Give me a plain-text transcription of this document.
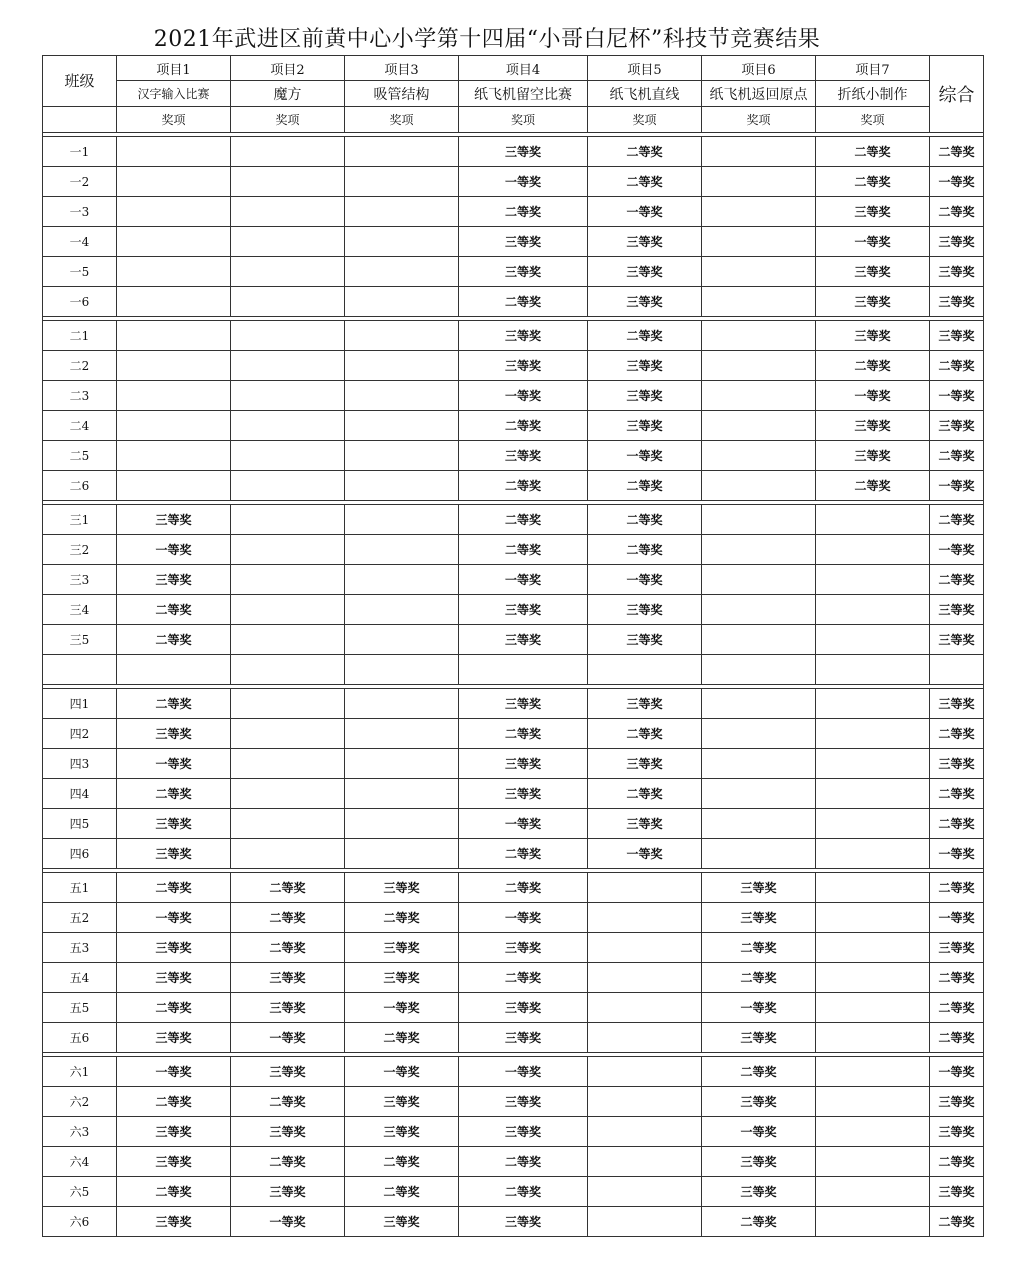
2021年武进区前黄中心小学第十四届“小哥白尼杯”科技节竞赛结果
班级	项目1	项目2	项目3	项目4	项目5	项目6	项目7	综合
	汉字输入比赛	魔方	吸管结构	纸飞机留空比赛	纸飞机直线	纸飞机返回原点	折纸小制作	
	奖项	奖项	奖项	奖项	奖项	奖项	奖项	

一1				三等奖	二等奖		二等奖	二等奖
一2				一等奖	二等奖		二等奖	一等奖
一3				二等奖	一等奖		三等奖	二等奖
一4				三等奖	三等奖		一等奖	三等奖
一5				三等奖	三等奖		三等奖	三等奖
一6				二等奖	三等奖		三等奖	三等奖

二1				三等奖	二等奖		三等奖	三等奖
二2				三等奖	三等奖		二等奖	二等奖
二3				一等奖	三等奖		一等奖	一等奖
二4				二等奖	三等奖		三等奖	三等奖
二5				三等奖	一等奖		三等奖	二等奖
二6				二等奖	二等奖		二等奖	一等奖

三1	三等奖			二等奖	二等奖			二等奖
三2	一等奖			二等奖	二等奖			一等奖
三3	三等奖			一等奖	一等奖			二等奖
三4	二等奖			三等奖	三等奖			三等奖
三5	二等奖			三等奖	三等奖			三等奖

四1	二等奖			三等奖	三等奖			三等奖
四2	三等奖			二等奖	二等奖			二等奖
四3	一等奖			三等奖	三等奖			三等奖
四4	二等奖			三等奖	二等奖			二等奖
四5	三等奖			一等奖	三等奖			二等奖
四6	三等奖			二等奖	一等奖			一等奖

五1	二等奖	二等奖	三等奖	二等奖		三等奖		二等奖
五2	一等奖	二等奖	二等奖	一等奖		三等奖		一等奖
五3	三等奖	二等奖	三等奖	三等奖		二等奖		三等奖
五4	三等奖	三等奖	三等奖	二等奖		二等奖		二等奖
五5	二等奖	三等奖	一等奖	三等奖		一等奖		二等奖
五6	三等奖	一等奖	二等奖	三等奖		三等奖		二等奖

六1	一等奖	三等奖	一等奖	一等奖		二等奖		一等奖
六2	二等奖	二等奖	三等奖	三等奖		三等奖		三等奖
六3	三等奖	三等奖	三等奖	三等奖		一等奖		三等奖
六4	三等奖	二等奖	二等奖	二等奖		三等奖		二等奖
六5	二等奖	三等奖	二等奖	二等奖		三等奖		三等奖
六6	三等奖	一等奖	三等奖	三等奖		二等奖		二等奖
